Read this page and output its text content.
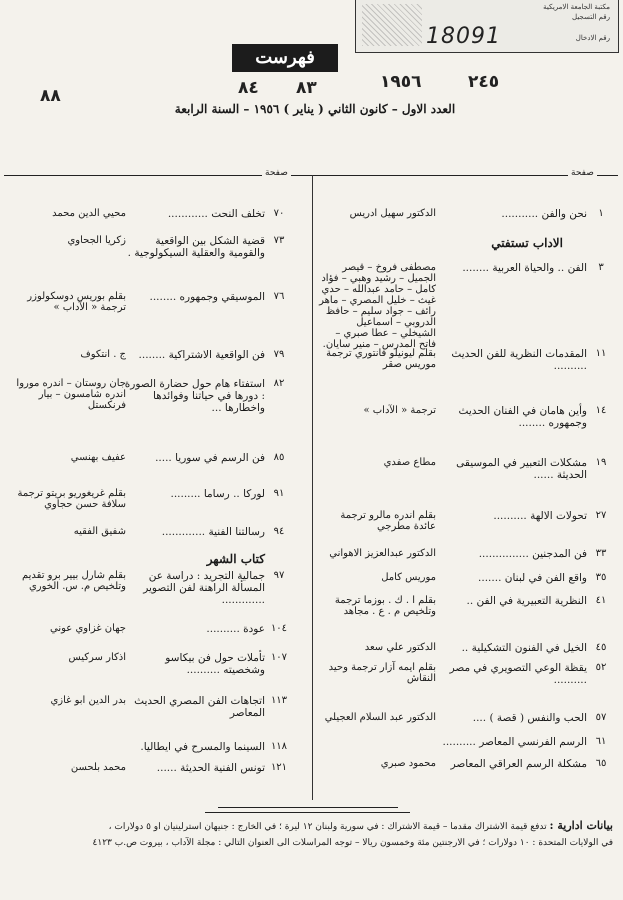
مكتبة الجامعة الامريكية
رقم التسجيل
رقم الادخال
18091
فهرست
٢٤٥
١٩٥٦
٨٨	٨٤ ٨٣
العدد الاول – كانون الثاني ( يناير ) ١٩٥٦ – السنة الرابعة
صفحة
صفحة
١
نحن والفن ...........
الدكتور سهيل ادريس
الاداب تستفتي
٣
الفن .. والحياة العربية ........
مصطفى فروخ – قيصر الجميل – رشيد وهبي – فؤاد كامل – حامد عبدالله – حدي غيث – خليل المصري – ماهر رائف – جواد سليم – حافظ الدروبي – اسماعيل الشيخلي – عطا صبري – فاتح المدرس – منير سايان.
١١
المقدمات النظرية للفن الحديث ..........
بقلم ليونيلو فانتوري ترجمة موريس صقر
١٤
وأين هامان في الفنان الحديث وجمهوره ........
ترجمة « الآداب »
١٩
مشكلات التعبير في الموسيقى الحديثة ......
مطاع صفدي
٢٧
تحولات الالهة ..........
بقلم اندره مالرو ترجمة عائدة مطرجي
٣٣
فن المدجنين ...............
الدكتور عبدالعزيز الاهواني
٣٥
واقع الفن في لبنان .......
موريس كامل
٤١
النظرية التعبيرية في الفن ..
بقلم ا . ك . بوزما ترجمة وتلخيص م . ع . مجاهد
٤٥
الخيل في الفنون التشكيلية ..
الدكتور علي سعد
٥٢
يقظة الوعي التصويري في مصر ..........
بقلم ايمه آزار ترجمة وحيد النقاش
٥٧
الحب والنفس ( قصة ) ....
الدكتور عبد السلام العجيلي
٦١
الرسم الفرنسي المعاصر ..........
٦٥
مشكلة الرسم العراقي المعاصر
محمود صبري
٧٠
تخلف النحت ............
محيي الدين محمد
٧٣
قضية الشكل بين الواقعية والقومية والعقلية السيكولوجية .
زكريا الجحاوي
٧٦
الموسيقي وجمهوره ........
بقلم بوريس دوسكولوزر ترجمة « الآداب »
٧٩
فن الواقعية الاشتراكية ........
ج . انتكوف
٨٢
استفتاء هام حول حضارة الصورة : دورها في حياتنا وفوائدها واخطارها ...
جان روستان – اندره موروا اندره شامسون – بيار فرنكستل
٨٥
فن الرسم في سوريا .....
عفيف بهنسي
٩١
لوركا .. رساما .........
بقلم غريغوريو بريتو ترجمة سلافة حسن حجاوي
٩٤
رسالتنا الفنية .............
شفيق الفقيه
كتاب الشهر
٩٧
جمالية التجريد : دراسة عن المسألة الراهنة لفن التصوير .............
بقلم شارل بيير برو تقديم وتلخيص م. س. الخوري
١٠٤
عودة ..........
جهان غزاوي عوني
١٠٧
تأملات حول فن بيكاسو وشخصيته ..........
اذكار سركيس
١١٣
اتجاهات الفن المصري الحديث المعاصر
بدر الدين ابو غازي
١١٨
السينما والمسرح في ايطاليا.
١٢١
تونس الفنية الحديثة ......
محمد بلحسن
بيانات ادارية : تدفع قيمة الاشتراك مقدما – قيمة الاشتراك : في سورية ولبنان ١٢ ليرة ؛ في الخارج : جنيهان استرلينيان او ٥ دولارات ،
في الولايات المتحدة : ١٠ دولارات ؛ في الارجنتين مئة وخمسون ريالا – توجه المراسلات الى العنوان التالي : مجلة الآداب ، بيروت ص.ب ٤١٢٣
